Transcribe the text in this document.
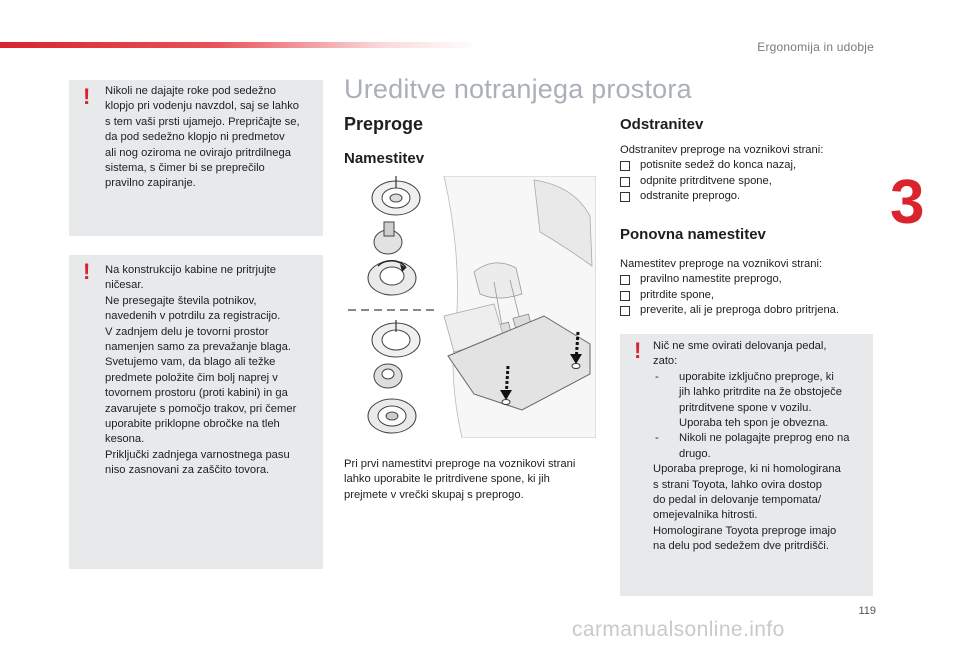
Ergonomija in udobje
3
! Nikoli ne dajajte roke pod sedežno
klopjo pri vodenju navzdol, saj se lahko
s tem vaši prsti ujamejo. Prepričajte se,
da pod sedežno klopjo ni predmetov
ali nog oziroma ne ovirajo pritrdilnega
sistema, s čimer bi se preprečilo
pravilno zapiranje.
! Na konstrukcijo kabine ne pritrjujte
ničesar.
Ne presegajte števila potnikov,
navedenih v potrdilu za registracijo.
V zadnjem delu je tovorni prostor
namenjen samo za prevažanje blaga.
Svetujemo vam, da blago ali težke
predmete položite čim bolj naprej v
tovornem prostoru (proti kabini) in ga
zavarujete s pomočjo trakov, pri čemer
uporabite priklopne obročke na tleh
kesona.
Priključki zadnjega varnostnega pasu
niso zasnovani za zaščito tovora.
Ureditve notranjega prostora
Preproge
Namestitev
Pri prvi namestitvi preproge na voznikovi strani
lahko uporabite le pritrdivene spone, ki jih
prejmete v vrečki skupaj s preprogo.
Odstranitev
Odstranitev preproge na voznikovi strani:
potisnite sedež do konca nazaj,
odpnite pritrditvene spone,
odstranite preprogo.
Ponovna namestitev
Namestitev preproge na voznikovi strani:
pravilno namestite preprogo,
pritrdite spone,
preverite, ali je preproga dobro pritrjena.
! Nič ne sme ovirati delovanja pedal,
zato:
- uporabite izključno preproge, ki
jih lahko pritrdite na že obstoječe
pritrditvene spone v vozilu.
Uporaba teh spon je obvezna.
- Nikoli ne polagajte preprog eno na
drugo.
Uporaba preproge, ki ni homologirana
s strani Toyota, lahko ovira dostop
do pedal in delovanje tempomata/
omejevalnika hitrosti.
Homologirane Toyota preproge imajo
na delu pod sedežem dve pritrdišči.
119
carmanualsonline.info
